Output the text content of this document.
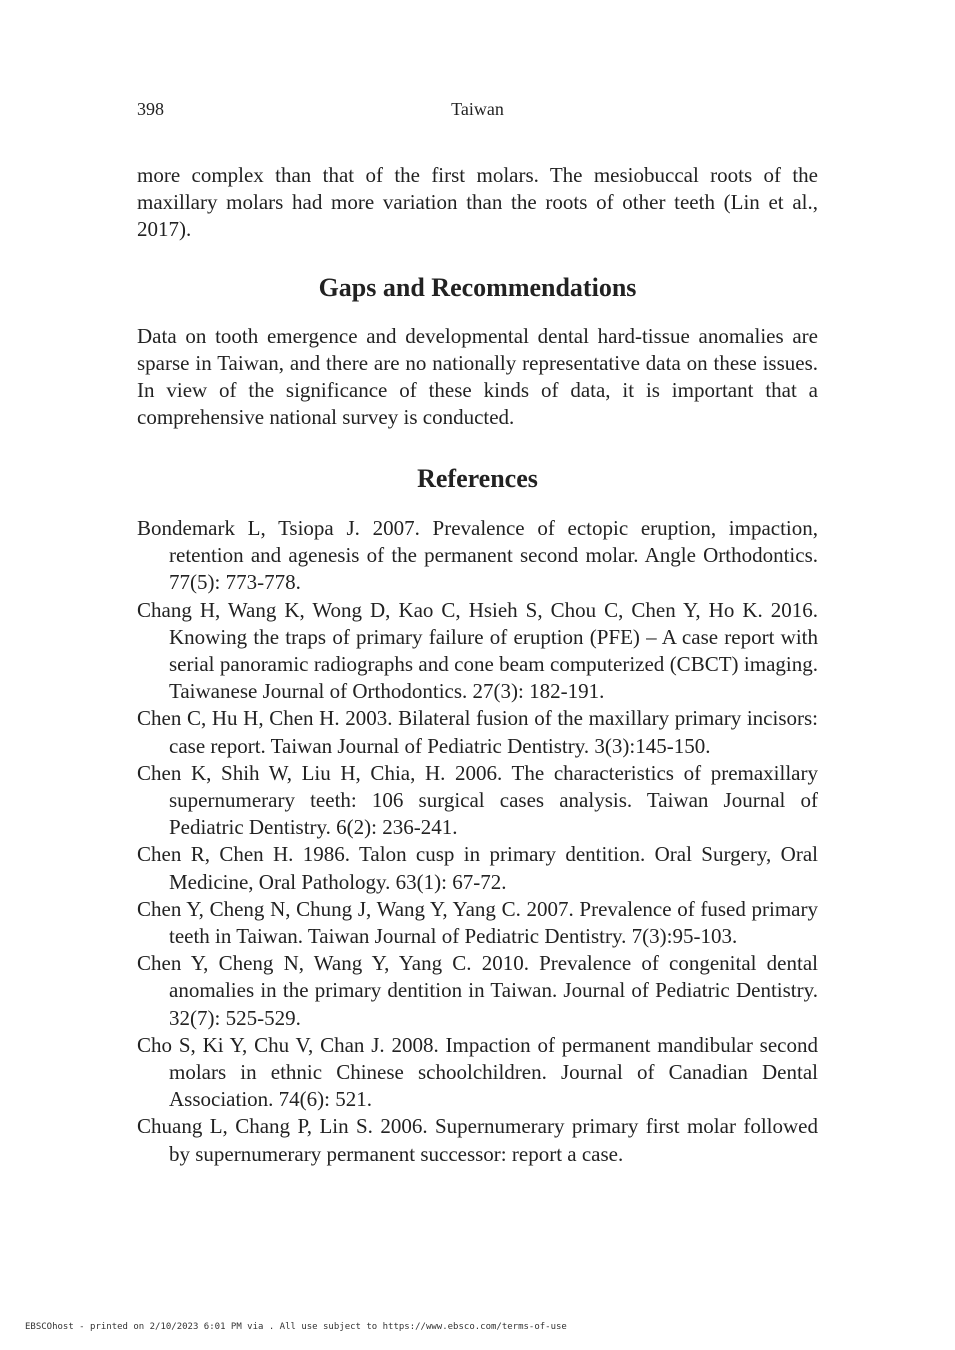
398	Taiwan

more complex than that of the first molars. The mesiobuccal roots of the maxillary molars had more variation than the roots of other teeth (Lin et al., 2017).

Gaps and Recommendations

Data on tooth emergence and developmental dental hard-tissue anomalies are sparse in Taiwan, and there are no nationally representative data on these issues. In view of the significance of these kinds of data, it is important that a comprehensive national survey is conducted.

References
Bondemark L, Tsiopa J. 2007. Prevalence of ectopic eruption, impaction, retention and agenesis of the permanent second molar. Angle Orthodontics. 77(5): 773-778.
Chang H, Wang K, Wong D, Kao C, Hsieh S, Chou C, Chen Y, Ho K. 2016. Knowing the traps of primary failure of eruption (PFE) – A case report with serial panoramic radiographs and cone beam computerized (CBCT) imaging. Taiwanese Journal of Orthodontics. 27(3): 182-191.
Chen C, Hu H, Chen H. 2003. Bilateral fusion of the maxillary primary incisors: case report. Taiwan Journal of Pediatric Dentistry. 3(3):145-150.
Chen K, Shih W, Liu H, Chia, H. 2006. The characteristics of premaxillary supernumerary teeth: 106 surgical cases analysis. Taiwan Journal of Pediatric Dentistry. 6(2): 236-241.
Chen R, Chen H. 1986. Talon cusp in primary dentition. Oral Surgery, Oral Medicine, Oral Pathology. 63(1): 67-72.
Chen Y, Cheng N, Chung J, Wang Y, Yang C. 2007. Prevalence of fused primary teeth in Taiwan. Taiwan Journal of Pediatric Dentistry. 7(3):95-103.
Chen Y, Cheng N, Wang Y, Yang C. 2010. Prevalence of congenital dental anomalies in the primary dentition in Taiwan. Journal of Pediatric Dentistry. 32(7): 525-529.
Cho S, Ki Y, Chu V, Chan J. 2008. Impaction of permanent mandibular second molars in ethnic Chinese schoolchildren. Journal of Canadian Dental Association. 74(6): 521.
Chuang L, Chang P, Lin S. 2006. Supernumerary primary first molar followed by supernumerary permanent successor: report a case.
EBSCOhost - printed on 2/10/2023 6:01 PM via . All use subject to https://www.ebsco.com/terms-of-use
